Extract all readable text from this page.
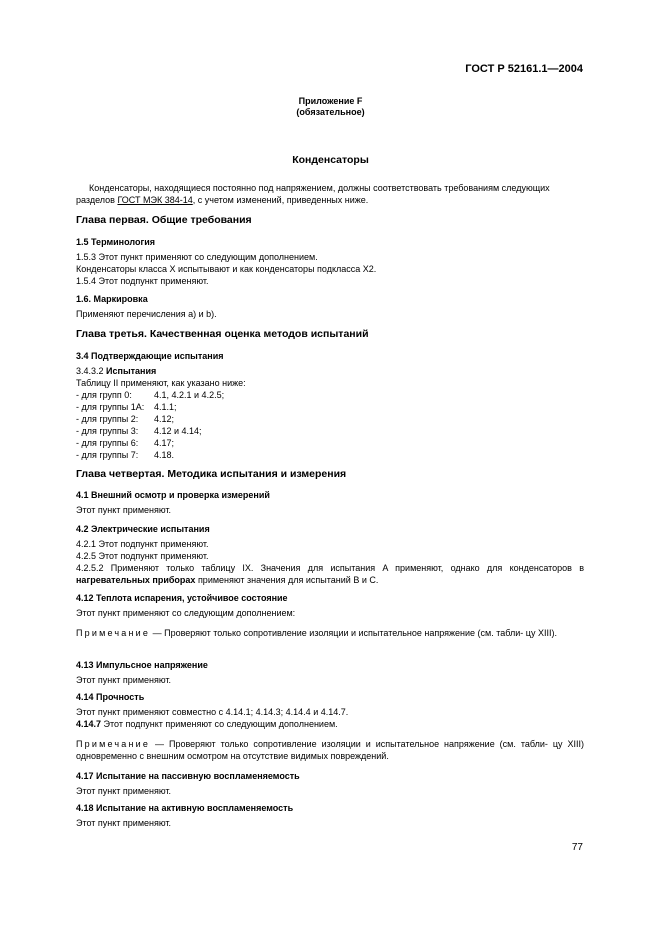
ГОСТ Р 52161.1—2004
Приложение F
(обязательное)
Конденсаторы
Конденсаторы, находящиеся постоянно под напряжением, должны соответствовать требованиям следующих
разделов ГОСТ МЭК 384-14, с учетом изменений, приведенных ниже.
Глава первая. Общие требования
1.5 Терминология
1.5.3 Этот пункт применяют со следующим дополнением.
Конденсаторы класса X испытывают и как конденсаторы подкласса X2.
1.5.4 Этот подпункт применяют.
1.6. Маркировка
Применяют перечисления a) и b).
Глава третья. Качественная оценка методов испытаний
3.4 Подтверждающие испытания
3.4.3.2 Испытания
Таблицу II применяют, как указано ниже:
- для групп 0: 4.1, 4.2.1 и 4.2.5;
- для группы 1A: 4.1.1;
- для группы 2: 4.12;
- для группы 3: 4.12 и 4.14;
- для группы 6: 4.17;
- для группы 7: 4.18.
Глава четвертая. Методика испытания и измерения
4.1 Внешний осмотр и проверка измерений
Этот пункт применяют.
4.2 Электрические испытания
4.2.1 Этот подпункт применяют.
4.2.5 Этот подпункт применяют.
4.2.5.2 Применяют только таблицу IX. Значения для испытания A применяют, однако для конденсаторов в нагревательных приборах применяют значения для испытаний B и C.
4.12 Теплота испарения, устойчивое состояние
Этот пункт применяют со следующим дополнением:
Примечание — Проверяют только сопротивление изоляции и испытательное напряжение (см. табли- цу XIII).
4.13 Импульсное напряжение
Этот пункт применяют.
4.14 Прочность
Этот пункт применяют совместно с 4.14.1; 4.14.3; 4.14.4 и 4.14.7.
4.14.7 Этот подпункт применяют со следующим дополнением.
Примечание — Проверяют только сопротивление изоляции и испытательное напряжение (см. табли- цу XIII) одновременно с внешним осмотром на отсутствие видимых повреждений.
4.17 Испытание на пассивную воспламеняемость
Этот пункт применяют.
4.18 Испытание на активную воспламеняемость
Этот пункт применяют.
77
